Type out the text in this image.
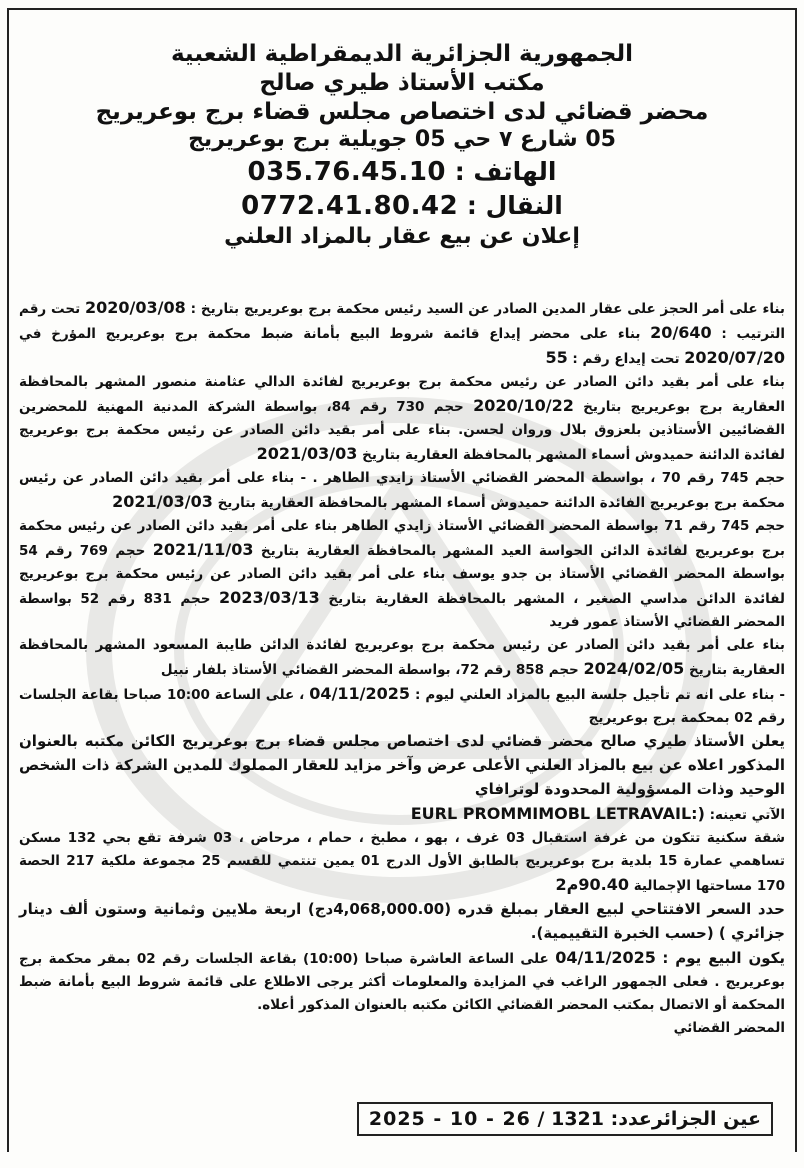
الجمهورية الجزائرية الديمقراطية الشعبية
مكتب الأستاذ طيري صالح
محضر قضائي لدى اختصاص مجلس قضاء برج بوعريريج
05 شارع ٧ حي 05 جويلية برج بوعريريج
الهاتف : 035.76.45.10
النقال : 0772.41.80.42
إعلان عن بيع عقار بالمزاد العلني

بناء على أمر الحجز على عقار المدين الصادر عن السيد رئيس محكمة برج بوعريريج بتاريخ : 2020/03/08 تحت رقم الترتيب : 20/640 بناء على محضر إيداع قائمة شروط البيع بأمانة ضبط محكمة برج بوعريريج المؤرخ في 2020/07/20 تحت إيداع رقم : 55

بناء على أمر بقيد دائن الصادر عن رئيس محكمة برج بوعريريج لفائدة الدالي عثامنة منصور المشهر بالمحافظة العقارية برج بوعريريج بتاريخ 2020/10/22 حجم 730 رقم 84، بواسطة الشركة المدنية المهنية للمحضرين القضائيين الأستاذين بلعزوق بلال وروان لحسن. بناء على أمر بقيد دائن الصادر عن رئيس محكمة برج بوعريريج لفائدة الدائنة حميدوش أسماء المشهر بالمحافظة العقارية بتاريخ 2021/03/03

حجم 745 رقم 70 ، بواسطة المحضر القضائي الأستاذ زايدي الطاهر . - بناء على أمر بقيد دائن الصادر عن رئيس محكمة برج بوعريريج الفائدة الدائنة حميدوش أسماء المشهر بالمحافظة العقارية بتاريخ 2021/03/03

حجم 745 رقم 71 بواسطة المحضر القضائي الأستاذ زايدي الطاهر بناء على أمر بقيد دائن الصادر عن رئيس محكمة برج بوعريريج لفائدة الدائن الحواسة العيد المشهر بالمحافظة العقارية بتاريخ 2021/11/03 حجم 769 رقم 54 بواسطة المحضر القضائي الأستاذ بن جدو يوسف بناء على أمر بقيد دائن الصادر عن رئيس محكمة برج بوعريريج لفائدة الدائن مداسي الصغير ، المشهر بالمحافظة العقارية بتاريخ 2023/03/13 حجم 831 رقم 52 بواسطة المحضر القضائي الأستاذ عمور فريد

بناء على أمر بقيد دائن الصادر عن رئيس محكمة برج بوعريريج لفائدة الدائن طايبة المسعود المشهر بالمحافظة العقارية بتاريخ 2024/02/05 حجم 858 رقم 72، بواسطة المحضر القضائي الأستاذ بلفار نبيل

- بناء على انه تم تأجيل جلسة البيع بالمزاد العلني ليوم : 04/11/2025 ، على الساعة 10:00 صباحا بقاعة الجلسات رقم 02 بمحكمة برج بوعريريج

يعلن الأستاذ طيري صالح محضر قضائي لدى اختصاص مجلس قضاء برج بوعريريج الكائن مكتبه بالعنوان المذكور اعلاه عن بيع بالمزاد العلني الأعلى عرض وآخر مزايد للعقار المملوك للمدين الشركة ذات الشخص الوحيد وذات المسؤولية المحدودة لوترافاي

الآتي تعينه: EURL PROMMIMOBL LETRAVAIL:)

شقة سكنية تتكون من غرفة استقبال 03 غرف ، بهو ، مطبخ ، حمام ، مرحاض ، 03 شرفة تقع بحي 132 مسكن تساهمي عمارة 15 بلدية برج بوعريريج بالطابق الأول الدرج 01 يمين تنتمي للقسم 25 مجموعة ملكية 217 الحصة 170 مساحتها الإجمالية 90.40م2

حدد السعر الافتتاحي لبيع العقار بمبلغ قدره (4,068,000.00دج) اربعة ملايين وثمانية وستون ألف دينار جزائري ) (حسب الخبرة التقييمية).

يكون البيع يوم : 04/11/2025 على الساعة العاشرة صباحا (10:00) بقاعة الجلسات رقم 02 بمقر محكمة برج بوعريريج . فعلى الجمهور الراغب في المزايدة والمعلومات أكثر يرجى الاطلاع على قائمة شروط البيع بأمانة ضبط المحكمة أو الاتصال بمكتب المحضر القضائي الكائن مكتبه بالعنوان المذكور أعلاه.

المحضر القضائي

عين الجزائرعدد: 1321 / 2025 - 10 - 26
